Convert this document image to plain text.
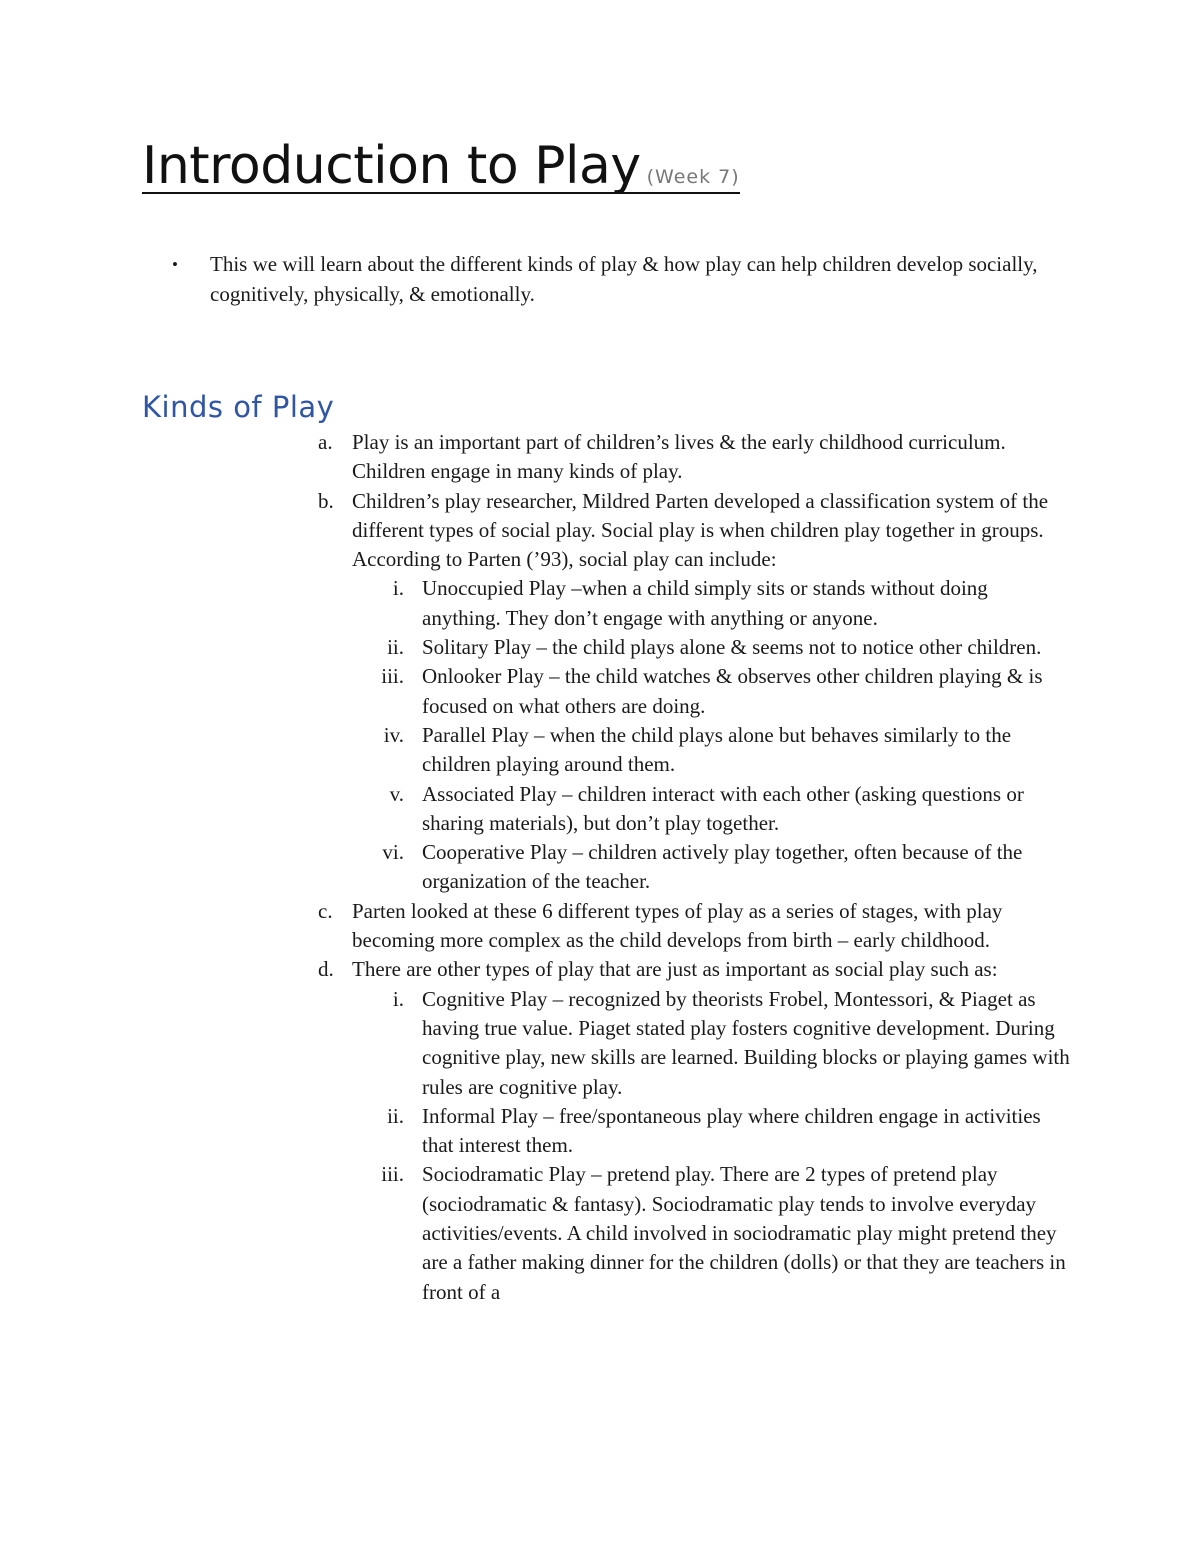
Introduction to Play (Week 7)
•	This we will learn about the different kinds of play & how play can help children develop socially, cognitively, physically, & emotionally.
Kinds of Play
a. Play is an important part of children’s lives & the early childhood curriculum. Children engage in many kinds of play.
b. Children’s play researcher, Mildred Parten developed a classification system of the different types of social play. Social play is when children play together in groups. According to Parten (’93), social play can include:
i. Unoccupied Play –when a child simply sits or stands without doing anything. They don’t engage with anything or anyone.
ii. Solitary Play – the child plays alone & seems not to notice other children.
iii. Onlooker Play – the child watches & observes other children playing & is focused on what others are doing.
iv. Parallel Play – when the child plays alone but behaves similarly to the children playing around them.
v. Associated Play – children interact with each other (asking questions or sharing materials), but don’t play together.
vi. Cooperative Play – children actively play together, often because of the organization of the teacher.
c. Parten looked at these 6 different types of play as a series of stages, with play becoming more complex as the child develops from birth – early childhood.
d. There are other types of play that are just as important as social play such as:
i. Cognitive Play – recognized by theorists Frobel, Montessori, & Piaget as having true value. Piaget stated play fosters cognitive development. During cognitive play, new skills are learned. Building blocks or playing games with rules are cognitive play.
ii. Informal Play – free/spontaneous play where children engage in activities that interest them.
iii. Sociodramatic Play – pretend play. There are 2 types of pretend play (sociodramatic & fantasy). Sociodramatic play tends to involve everyday activities/events. A child involved in sociodramatic play might pretend they are a father making dinner for the children (dolls) or that they are teachers in front of a
